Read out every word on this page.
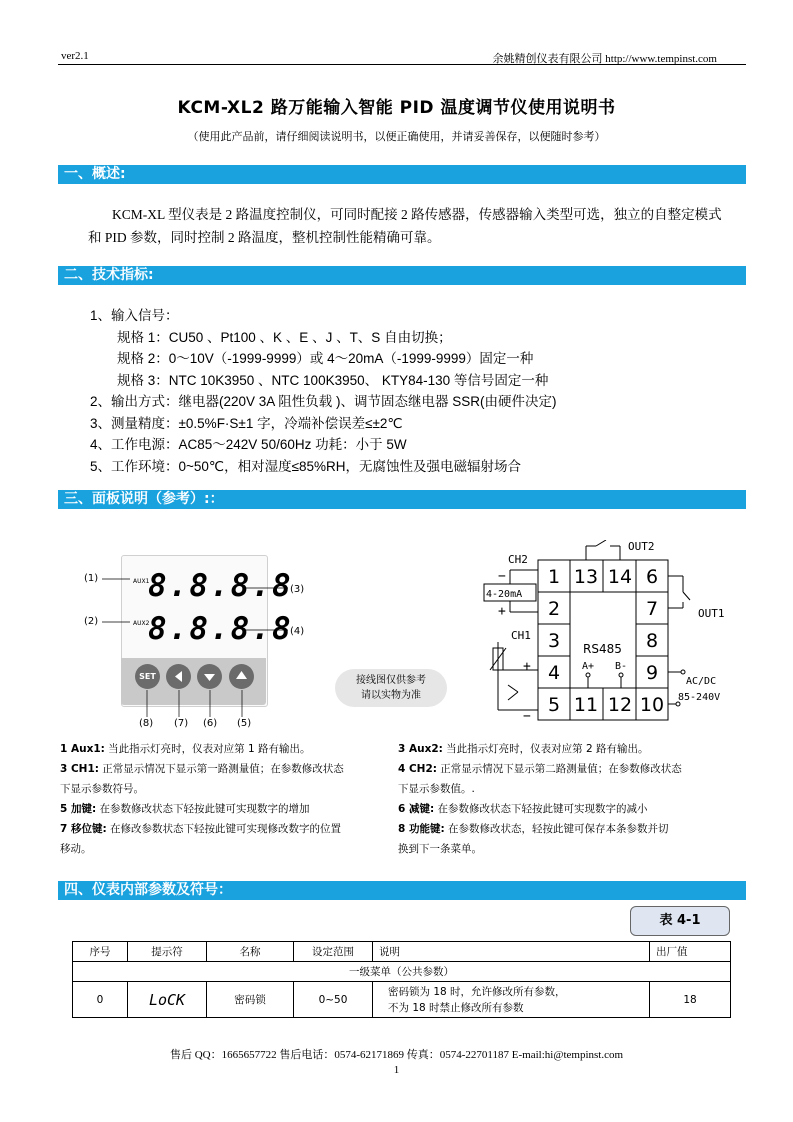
ver2.1	余姚精创仪表有限公司 http://www.tempinst.com
KCM-XL2 路万能输入智能 PID 温度调节仪使用说明书
（使用此产品前，请仔细阅读说明书，以便正确使用，并请妥善保存，以便随时参考）
一、概述:
KCM-XL 型仪表是 2 路温度控制仪，可同时配接 2 路传感器，传感器输入类型可选，独立的自整定模式
和 PID 参数，同时控制 2 路温度，整机控制性能精确可靠。
二、技术指标:
1、输入信号：
规格 1：CU50 、Pt100 、K 、E 、J 、T、S 自由切换；
规格 2：0～10V（-1999-9999）或 4～20mA（-1999-9999）固定一种
规格 3：NTC 10K3950 、NTC 100K3950、 KTY84-130 等信号固定一种
2、输出方式：继电器(220V 3A 阻性负载 )、调节固态继电器 SSR(由硬件决定)
3、测量精度：±0.5%F·S±1 字，冷端补偿误差≤±2℃
4、工作电源：AC85～242V 50/60Hz 功耗：小于 5W
5、工作环境：0~50℃，相对湿度≤85%RH，无腐蚀性及强电磁辐射场合
三、面板说明（参考）:：
AUX1
AUX2
8.8.8.8
8.8.8.8
SET
(1)
(2)
(3)
(4)
(8) (7) (6) (5)
接线图仅供参考
请以实物为准
1 13 14 6
2	7
3	8
4	9
5 11 12 10
CH2
4-20mA
CH1
OUT2
OUT1
RS485
A+ B-
AC/DC
85-240V
−
+
+
−
1 Aux1: 当此指示灯亮时，仪表对应第 1 路有输出。
3 CH1: 正常显示情况下显示第一路测量值；在参数修改状态
下显示参数符号。
5 加键: 在参数修改状态下轻按此键可实现数字的增加
7 移位键: 在修改参数状态下轻按此键可实现修改数字的位置
移动。
3 Aux2: 当此指示灯亮时，仪表对应第 2 路有输出。
4 CH2: 正常显示情况下显示第二路测量值；在参数修改状态
下显示参数值。.
6 减键: 在参数修改状态下轻按此键可实现数字的减小
8 功能键: 在参数修改状态，轻按此键可保存本条参数并切
换到下一条菜单。
四、仪表内部参数及符号：
表 4-1
序号	提示符	名称	设定范围	说明	出厂值
一级菜单（公共参数）					
0	LoCK	密码锁	0~50	密码锁为 18 时，允许修改所有参数，
不为 18 时禁止修改所有参数	18
售后 QQ：1665657722 售后电话：0574-62171869 传真：0574-22701187 E-mail:hi@tempinst.com
1
